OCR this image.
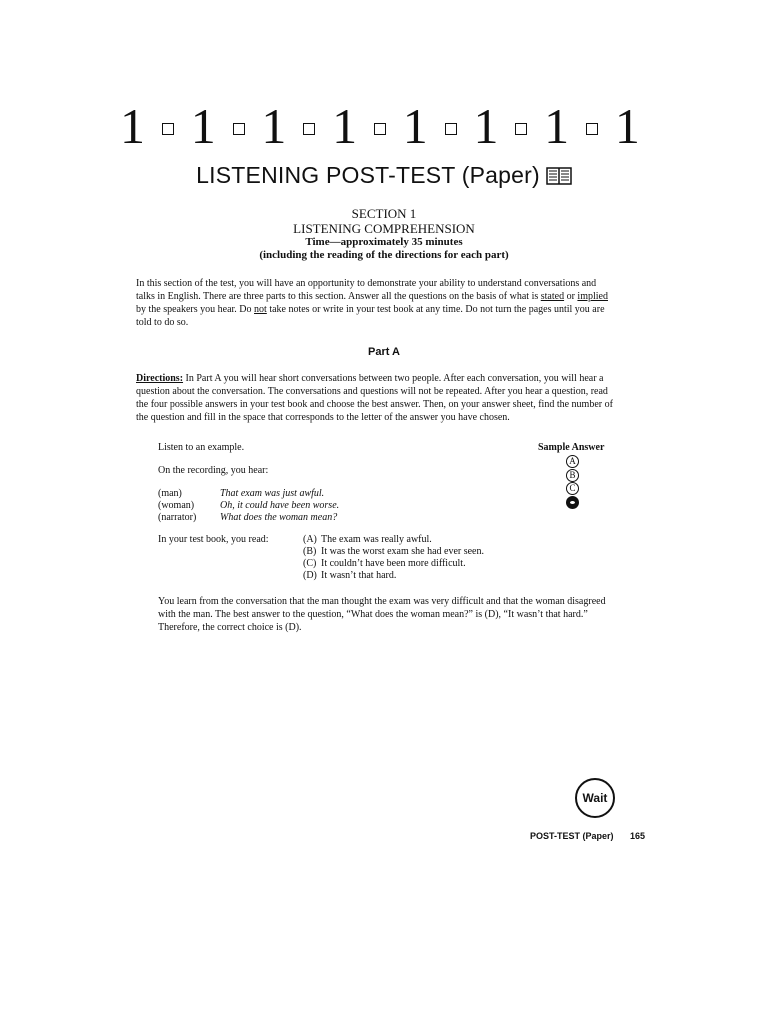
1 1 1 1 1 1 1 1
LISTENING POST-TEST (Paper)
SECTION 1
LISTENING COMPREHENSION
Time—approximately 35 minutes
(including the reading of the directions for each part)
In this section of the test, you will have an opportunity to demonstrate your ability to understand conversations and talks in English. There are three parts to this section. Answer all the questions on the basis of what is stated or implied by the speakers you hear. Do not take notes or write in your test book at any time. Do not turn the pages until you are told to do so.
Part A
Directions: In Part A you will hear short conversations between two people. After each conversation, you will hear a question about the conversation. The conversations and questions will not be repeated. After you hear a question, read the four possible answers in your test book and choose the best answer. Then, on your answer sheet, find the number of the question and fill in the space that corresponds to the letter of the answer you have chosen.
Listen to an example.	Sample Answer
On the recording, you hear:
A
B
C
(man)	That exam was just awful.
(woman)	Oh, it could have been worse.
(narrator) What does the woman mean?
In your test book, you read:	(A) The exam was really awful.
(B) It was the worst exam she had ever seen.
(C) It couldn’t have been more difficult.
(D) It wasn’t that hard.
You learn from the conversation that the man thought the exam was very difficult and that the woman disagreed with the man. The best answer to the question, “What does the woman mean?” is (D), “It wasn’t that hard.” Therefore, the correct choice is (D).
Wait
POST-TEST (Paper) 165
